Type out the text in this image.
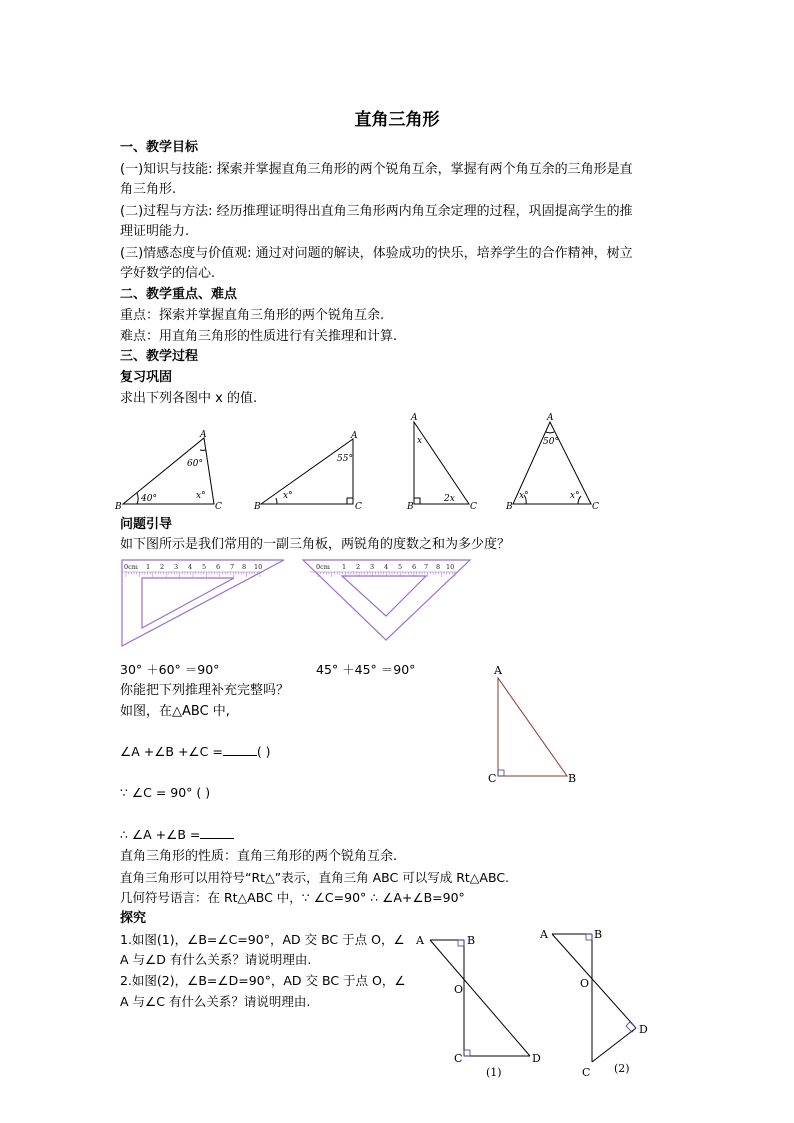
直角三角形
一、教学目标
(一)知识与技能: 探索并掌握直角三角形的两个锐角互余，掌握有两个角互余的三角形是直
角三角形.
(二)过程与方法: 经历推理证明得出直角三角形两内角互余定理的过程，巩固提高学生的推
理证明能力.
(三)情感态度与价值观: 通过对问题的解诀，体验成功的快乐，培养学生的合作精神，树立
学好数学的信心.
二、教学重点、难点
重点：探索并掌握直角三角形的两个锐角互余.
难点：用直角三角形的性质进行有关推理和计算.
三、教学过程
复习巩固
求出下列各图中 x 的值.
A
B	C
60°
40°	x°
A
B	C
55°
x°
A
B	C
x
2x
A
B	C
50°
x°	x°
问题引导
如下图所示是我们常用的一副三角板，两锐角的度数之和为多少度？
0cm 1 2 3 4 5 6 7 8 10	0cm 1 2 3 4 5 6 7 8 10
30° ＋60° ＝90°	45° ＋45° ＝90°
你能把下列推理补充完整吗？
如图，在△ABC 中,
∠A +∠B +∠C =	( )
∵ ∠C = 90° ( )
∴ ∠A +∠B =
A
C	B
直角三角形的性质：直角三角形的两个锐角互余.
直角三角形可以用符号“Rt△”表示，直角三角 ABC 可以写成 Rt△ABC.
几何符号语言：在 Rt△ABC 中，∵ ∠C=90° ∴ ∠A+∠B=90°
探究
1.如图(1)，∠B=∠C=90°，AD 交 BC 于点 O，∠
A 与∠D 有什么关系？请说明理由.
2.如图(2)，∠B=∠D=90°，AD 交 BC 于点 O，∠
A 与∠C 有什么关系？请说明理由.
A	B
O
C	D
(1)
A	B
O
C
D
(2)
